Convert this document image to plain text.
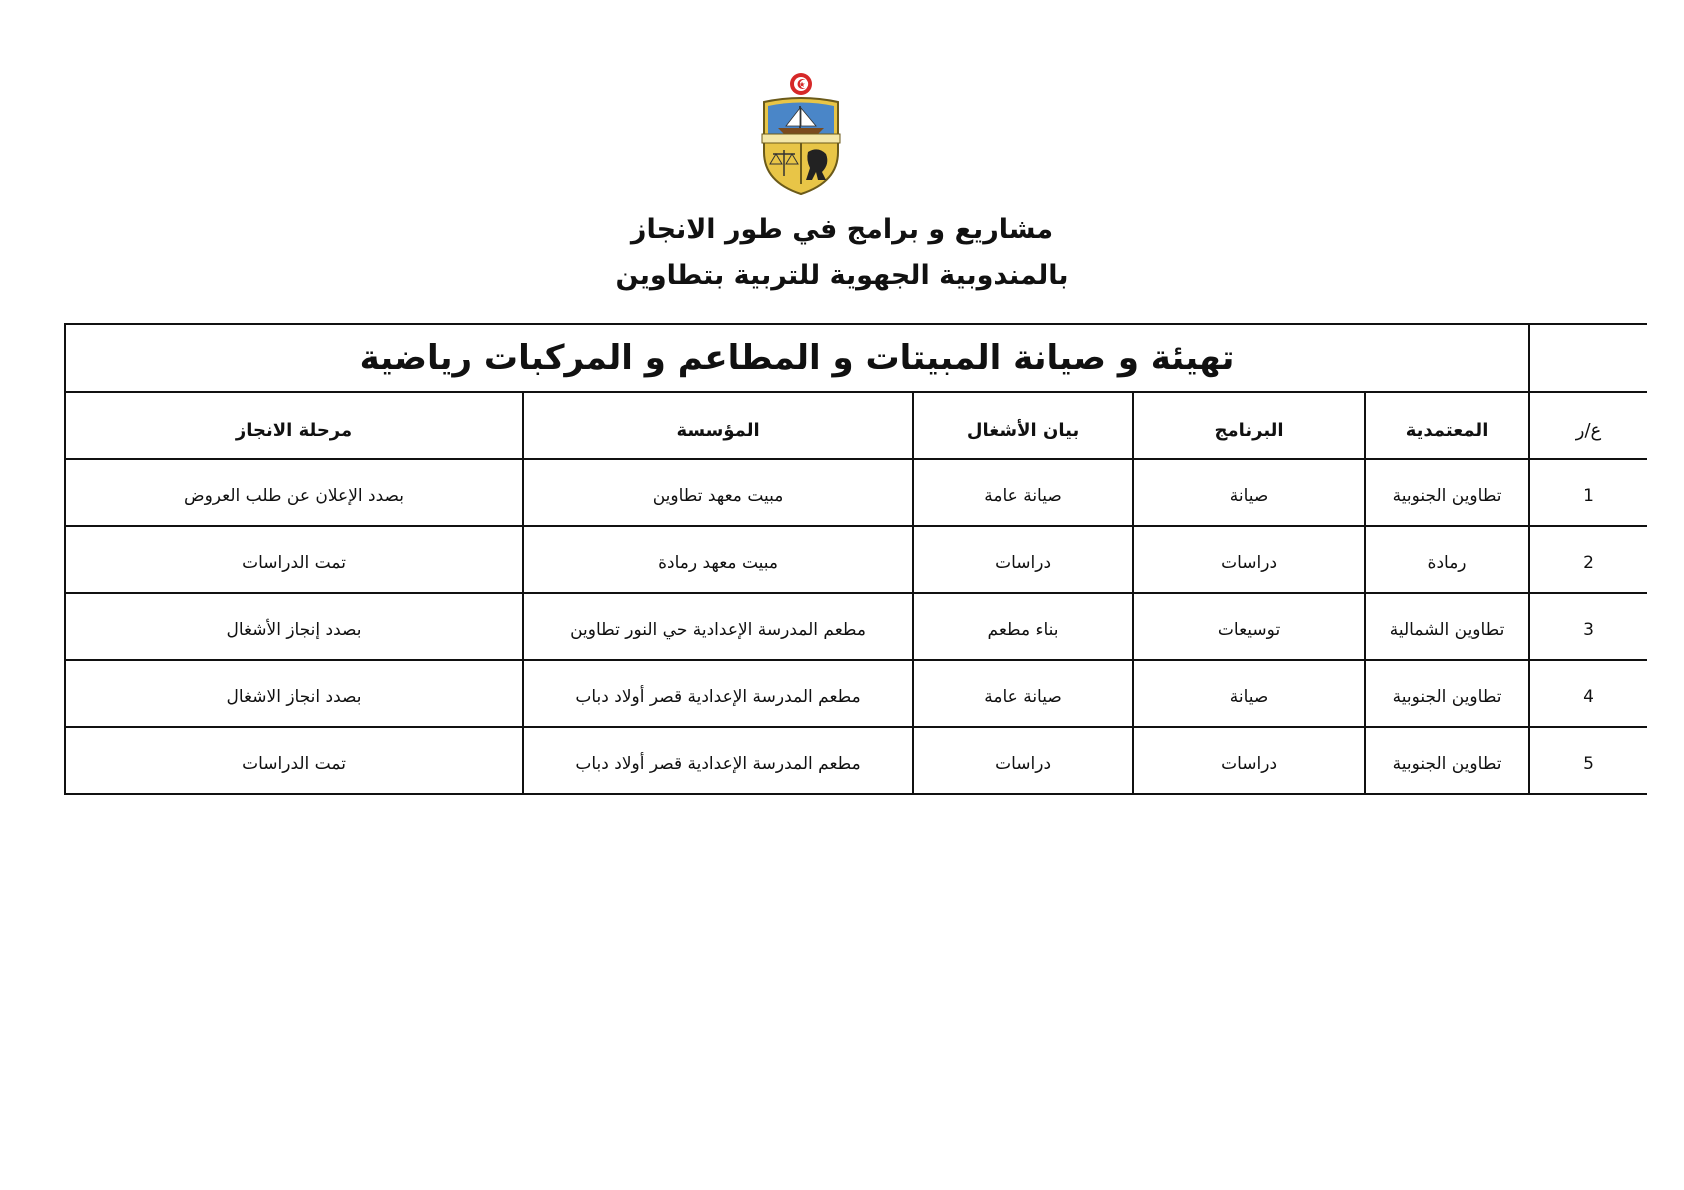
مشاريع و برامج في طور الانجاز
بالمندوبية الجهوية للتربية بتطاوين
	تهيئة و صيانة المبيتات و المطاعم و المركبات رياضية				
ع/ر	المعتمدية	البرنامج	بيان الأشغال	المؤسسة	مرحلة الانجاز
1	تطاوين الجنوبية	صيانة	صيانة عامة	مبيت معهد تطاوين	بصدد الإعلان عن طلب العروض
2	رمادة	دراسات	دراسات	مبيت معهد رمادة	تمت الدراسات
3	تطاوين الشمالية	توسيعات	بناء مطعم	مطعم المدرسة الإعدادية حي النور تطاوين	بصدد إنجاز الأشغال
4	تطاوين الجنوبية	صيانة	صيانة عامة	مطعم المدرسة الإعدادية قصر أولاد دباب	بصدد انجاز الاشغال
5	تطاوين الجنوبية	دراسات	دراسات	مطعم المدرسة الإعدادية قصر أولاد دباب	تمت الدراسات
